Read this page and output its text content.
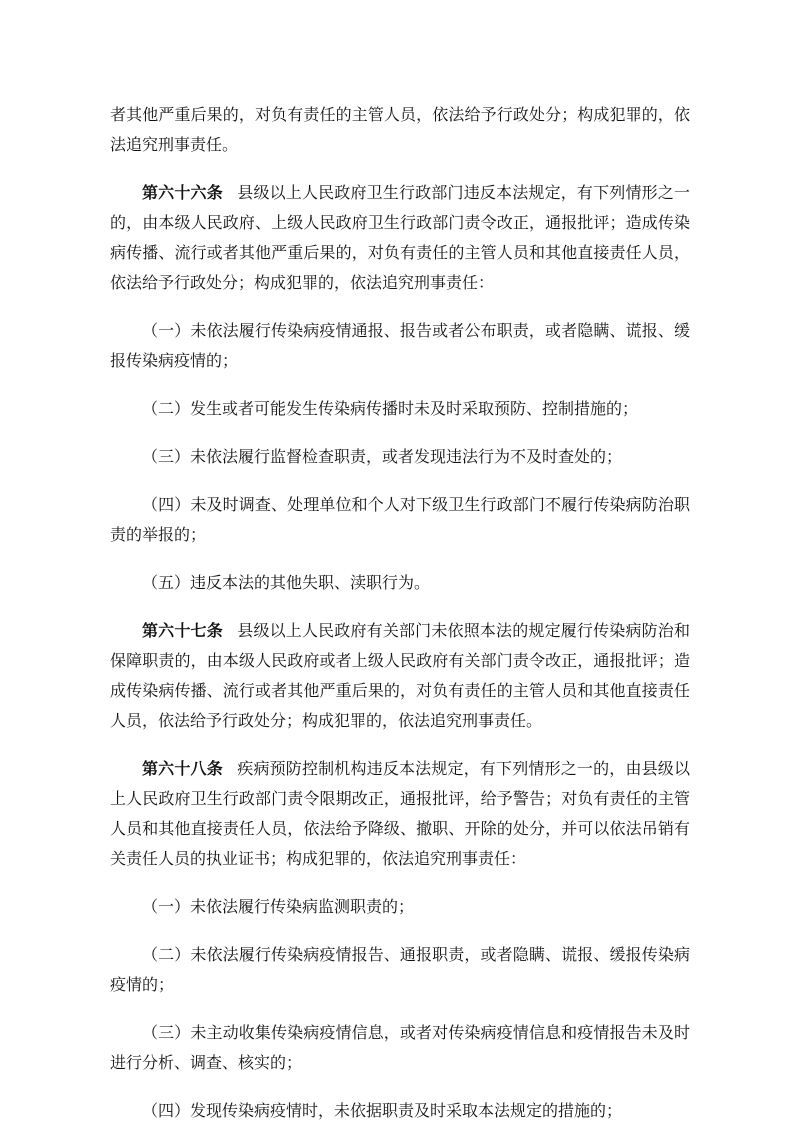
者其他严重后果的，对负有责任的主管人员，依法给予行政处分；构成犯罪的，依法追究刑事责任。

第六十六条 县级以上人民政府卫生行政部门违反本法规定，有下列情形之一的，由本级人民政府、上级人民政府卫生行政部门责令改正，通报批评；造成传染病传播、流行或者其他严重后果的，对负有责任的主管人员和其他直接责任人员，依法给予行政处分；构成犯罪的，依法追究刑事责任：

（一）未依法履行传染病疫情通报、报告或者公布职责，或者隐瞒、谎报、缓报传染病疫情的；

（二）发生或者可能发生传染病传播时未及时采取预防、控制措施的；

（三）未依法履行监督检查职责，或者发现违法行为不及时查处的；

（四）未及时调查、处理单位和个人对下级卫生行政部门不履行传染病防治职责的举报的；

（五）违反本法的其他失职、渎职行为。

第六十七条 县级以上人民政府有关部门未依照本法的规定履行传染病防治和保障职责的，由本级人民政府或者上级人民政府有关部门责令改正，通报批评；造成传染病传播、流行或者其他严重后果的，对负有责任的主管人员和其他直接责任人员，依法给予行政处分；构成犯罪的，依法追究刑事责任。

第六十八条 疾病预防控制机构违反本法规定，有下列情形之一的，由县级以上人民政府卫生行政部门责令限期改正，通报批评，给予警告；对负有责任的主管人员和其他直接责任人员，依法给予降级、撤职、开除的处分，并可以依法吊销有关责任人员的执业证书；构成犯罪的，依法追究刑事责任：

（一）未依法履行传染病监测职责的；

（二）未依法履行传染病疫情报告、通报职责，或者隐瞒、谎报、缓报传染病疫情的；

（三）未主动收集传染病疫情信息，或者对传染病疫情信息和疫情报告未及时进行分析、调查、核实的；

（四）发现传染病疫情时，未依据职责及时采取本法规定的措施的；
